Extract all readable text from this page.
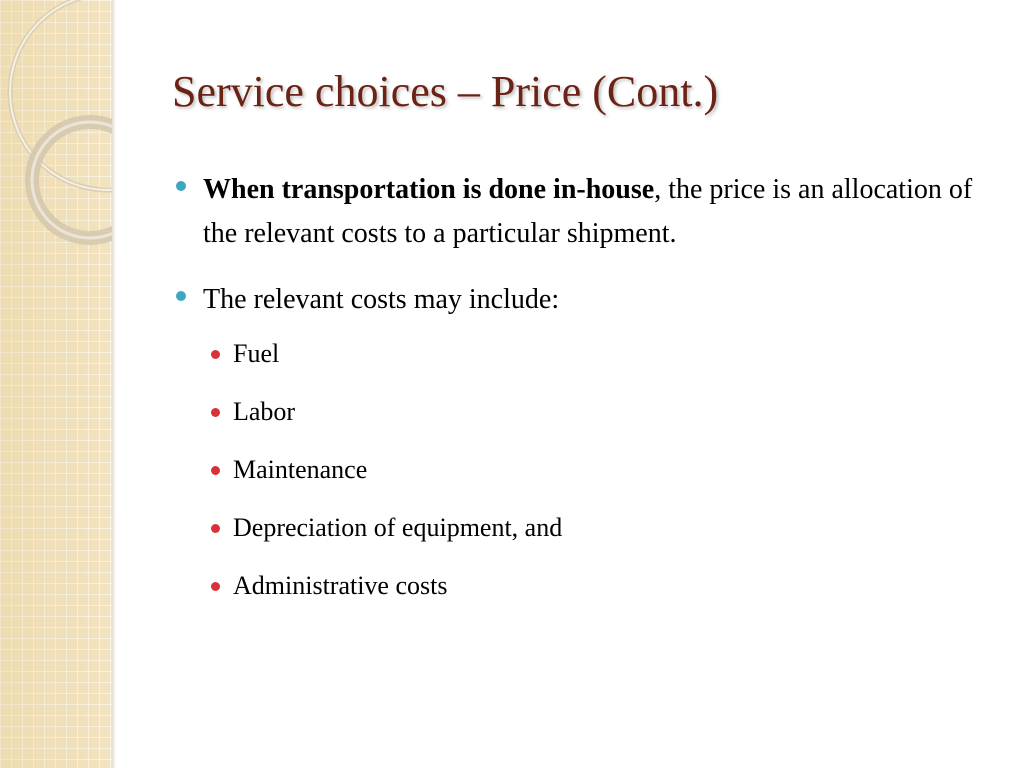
Service choices – Price (Cont.)
When transportation is done in-house, the price is an allocation of the relevant costs to a particular shipment.
The relevant costs may include:
Fuel
Labor
Maintenance
Depreciation of equipment, and
Administrative costs
